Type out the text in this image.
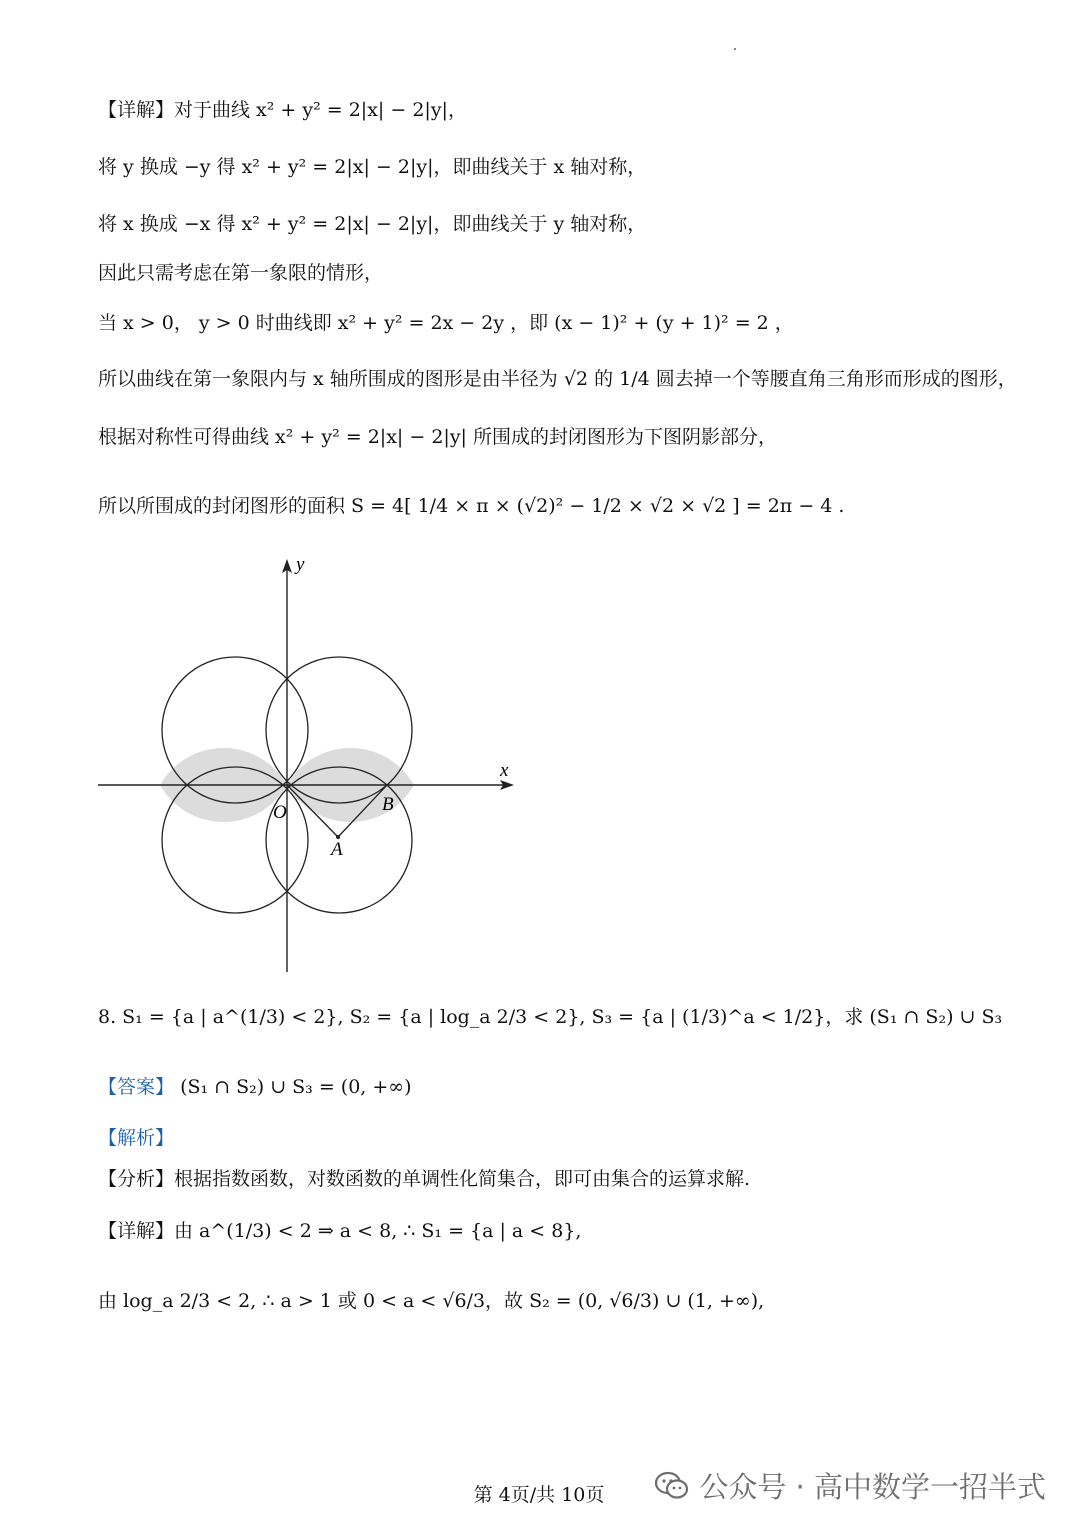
【详解】对于曲线 x² + y² = 2|x| − 2|y|，
将 y 换成 −y 得 x² + y² = 2|x| − 2|y|，即曲线关于 x 轴对称，
将 x 换成 −x 得 x² + y² = 2|x| − 2|y|，即曲线关于 y 轴对称，
因此只需考虑在第一象限的情形，
当 x > 0， y > 0 时曲线即 x² + y² = 2x − 2y ，即 (x − 1)² + (y + 1)² = 2 ，
所以曲线在第一象限内与 x 轴所围成的图形是由半径为 √2 的 1/4 圆去掉一个等腰直角三角形而形成的图形，
根据对称性可得曲线 x² + y² = 2|x| − 2|y| 所围成的封闭图形为下图阴影部分，
所以所围成的封闭图形的面积 S = 4[ 1/4 × π × (√2)² − 1/2 × √2 × √2 ] = 2π − 4 .
y
x
O
A
B
8. S₁ = {a | a^(1/3) < 2}, S₂ = {a | log_a 2/3 < 2}, S₃ = {a | (1/3)^a < 1/2}，求 (S₁ ∩ S₂) ∪ S₃
【答案】 (S₁ ∩ S₂) ∪ S₃ = (0, +∞)
【解析】
【分析】根据指数函数，对数函数的单调性化简集合，即可由集合的运算求解.
【详解】由 a^(1/3) < 2 ⇒ a < 8, ∴ S₁ = {a | a < 8},
由 log_a 2/3 < 2, ∴ a > 1 或 0 < a < √6/3，故 S₂ = (0, √6/3) ∪ (1, +∞),
第 4页/共 10页	公众号 · 高中数学一招半式
